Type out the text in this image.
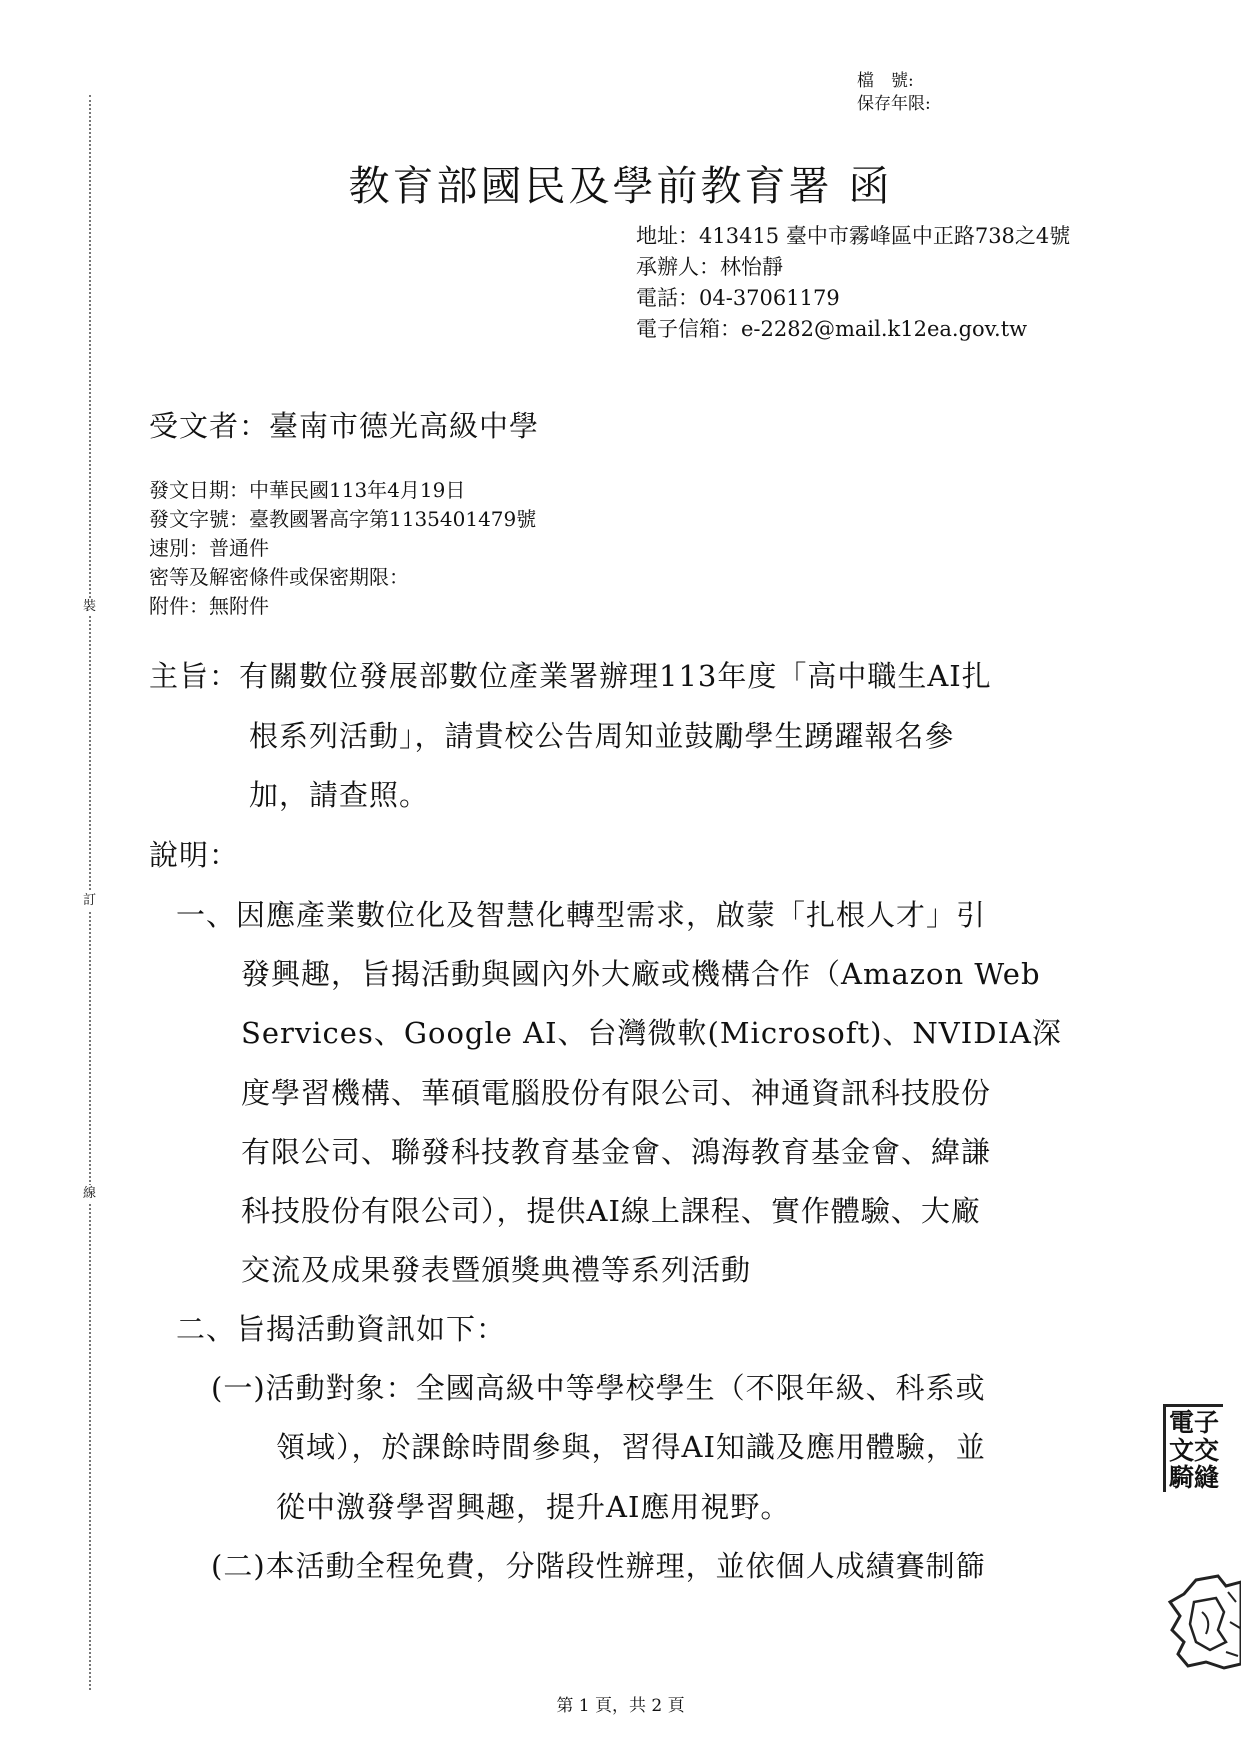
裝
訂
線
檔　號:
保存年限:
教育部國民及學前教育署 函
地址：413415 臺中市霧峰區中正路738之4號
承辦人：林怡靜
電話：04-37061179
電子信箱：e-2282@mail.k12ea.gov.tw
受文者：臺南市德光高級中學
發文日期：中華民國113年4月19日
發文字號：臺教國署高字第1135401479號
速別：普通件
密等及解密條件或保密期限：
附件：無附件
主旨：有關數位發展部數位產業署辦理113年度「高中職生AI扎
根系列活動」，請貴校公告周知並鼓勵學生踴躍報名參
加，請查照。
說明：
一、因應產業數位化及智慧化轉型需求，啟蒙「扎根人才」引
發興趣，旨揭活動與國內外大廠或機構合作（Amazon Web
Services、Google AI、台灣微軟(Microsoft)、NVIDIA深
度學習機構、華碩電腦股份有限公司、神通資訊科技股份
有限公司、聯發科技教育基金會、鴻海教育基金會、緯謙
科技股份有限公司），提供AI線上課程、實作體驗、大廠
交流及成果發表暨頒獎典禮等系列活動
二、旨揭活動資訊如下：
(一)活動對象：全國高級中等學校學生（不限年級、科系或
領域），於課餘時間參與，習得AI知識及應用體驗，並
從中激發學習興趣，提升AI應用視野。
(二)本活動全程免費，分階段性辦理，並依個人成績賽制篩
電子
文交
騎縫
第 1 頁，共 2 頁
